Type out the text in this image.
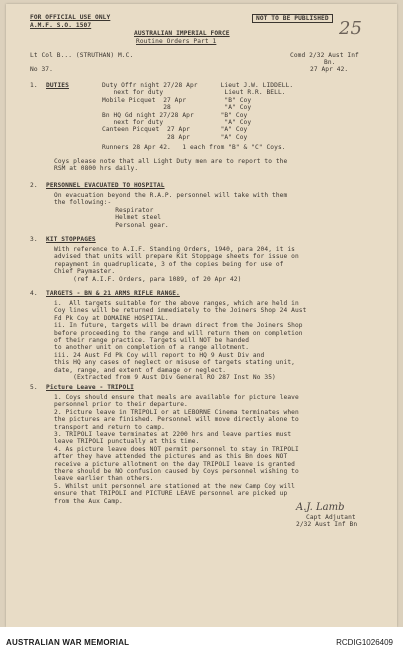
FOR OFFICIAL USE ONLY
A.M.F. S.O. 1507
NOT TO BE PUBLISHED 25
AUSTRALIAN IMPERIAL FORCE
Routine Orders Part 1
Lt Col B... (STRUTHAN) M.C.	Comd 2/32 Aust Inf
Bn.
No 37.	27 Apr 42.
1. DUTIES	Duty Offr night 27/28 Apr      Lieut J.W. LIDDELL.
next for duty                Lieut R.R. BELL.
Mobile Picquet  27 Apr          "B" Coy
28              "A" Coy
Bn HQ Gd night 27/28 Apr       "B" Coy
next for duty                "A" Coy
Canteen Picquet  27 Apr        "A" Coy
28 Apr        "A" Coy
Runners 28 Apr 42.   1 each from "B" & "C" Coys.
Coys please note that all Light Duty men are to report to the
RSM at 0800 hrs daily.
2. PERSONNEL EVACUATED TO HOSPITAL
On evacuation beyond the R.A.P. personnel will take with them
the following:-
Respirator
Helmet steel
Personal gear.
3. KIT STOPPAGES
With reference to A.I.F. Standing Orders, 1940, para 204, it is
advised that units will prepare Kit Stoppage sheets for issue on
repayment in quadruplicate, 3 of the copies being for use of
Chief Paymaster.
(ref A.I.F. Orders, para 1089, of 20 Apr 42)
4. TARGETS - BN & 21 ARMS RIFLE RANGE.
i.  All targets suitable for the above ranges, which are held in
Coy lines will be returned immediately to the Joiners Shop 24 Aust
Fd Pk Coy at DOMAINE HOSPITAL.
ii. In future, targets will be drawn direct from the Joiners Shop
before proceeding to the range and will return them on completion
of their range practice. Targets will NOT be handed
to another unit on completion of a range allotment.
iii. 24 Aust Fd Pk Coy will report to HQ 9 Aust Div and
this HQ any cases of neglect or misuse of targets stating unit,
date, range, and extent of damage or neglect.
(Extracted from 9 Aust Div General RO 287 Inst No 35)
5. Picture Leave - TRIPOLI
1. Coys should ensure that meals are available for picture leave
personnel prior to their departure.
2. Picture leave in TRIPOLI or at LEBORNE Cinema terminates when
the pictures are finished. Personnel will move directly alone to
transport and return to camp.
3. TRIPOLI leave terminates at 2200 hrs and leave parties must
leave TRIPOLI punctually at this time.
4. As picture leave does NOT permit personnel to stay in TRIPOLI
after they have attended the pictures and as this Bn does NOT
receive a picture allotment on the day TRIPOLI leave is granted
there should be NO confusion caused by Coys personnel wishing to
leave earlier than others.
5. Whilst unit personnel are stationed at the new Camp Coy will
ensure that TRIPOLI and PICTURE LEAVE personnel are picked up
from the Aux Camp.
A.J. Lamb
Capt Adjutant
2/32 Aust Inf Bn
AUSTRALIAN WAR MEMORIAL	RCDIG1026409
